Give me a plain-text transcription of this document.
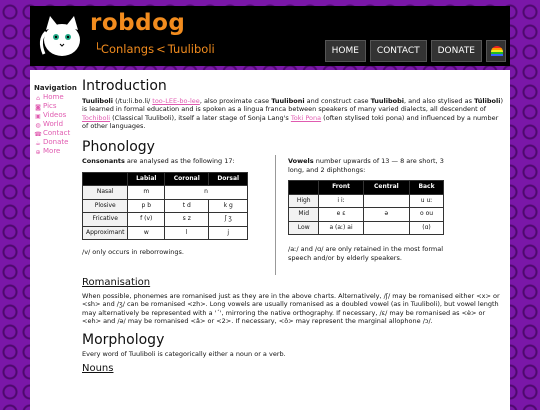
robdog
└Conlangs < Tuuliboli	HOME	CONTACT	DONATE
Navigation
⌂ Home
◙ Pics
▣ Videos
◍ World
☎ Contact
☕ Donate
⊕ More
Introduction

Tuuliboli (/tuːli.bo.li/ too-LEE-bo-lee, also proximate case Tuuliboni and construct case Tuulibobi, and also stylised as Túliboli) is learned in formal education and is spoken as a lingua franca between speakers of many varied dialects, all descendent of Tochiboli (Classical Tuuliboli), itself a later stage of Sonja Lang's Toki Pona (often stylised toki pona) and influenced by a number of other languages.

Phonology

Consonants are analysed as the following 17:

	Labial	Coronal	Dorsal
Nasal	m	n	
Plosive	p b	t d	k g
Fricative	f (v)	s z	ʃ ʒ
Approximant	w	l	j

/v/ only occurs in reborrowings.

Vowels number upwards of 13 — 8 are short, 3 long, and 2 diphthongs:

	Front	Central	Back
High	i iː		u uː
Mid	e ɛ	ə	o ou
Low	a (aː) ai		(ɑ)

/aː/ and /ɑ/ are only retained in the most formal speech and/or by elderly speakers.

Romanisation

When possible, phonemes are romanised just as they are in the above charts. Alternatively, /ʃ/ may be romanised either <x> or <sh> and /ʒ/ can be romanised <zh>. Long vowels are usually romanised as a doubled vowel (as in Tuuliboli), but vowel length may alternatively be represented with a '´', mirroring the native orthography. If necessary, /ɛ/ may be romanised as <è> or <eh> and /ə/ may be romanised <â> or <2>. If necessary, <ô> may represent the marginal allophone /ɔ/.

Morphology

Every word of Tuuliboli is categorically either a noun or a verb.

Nouns
